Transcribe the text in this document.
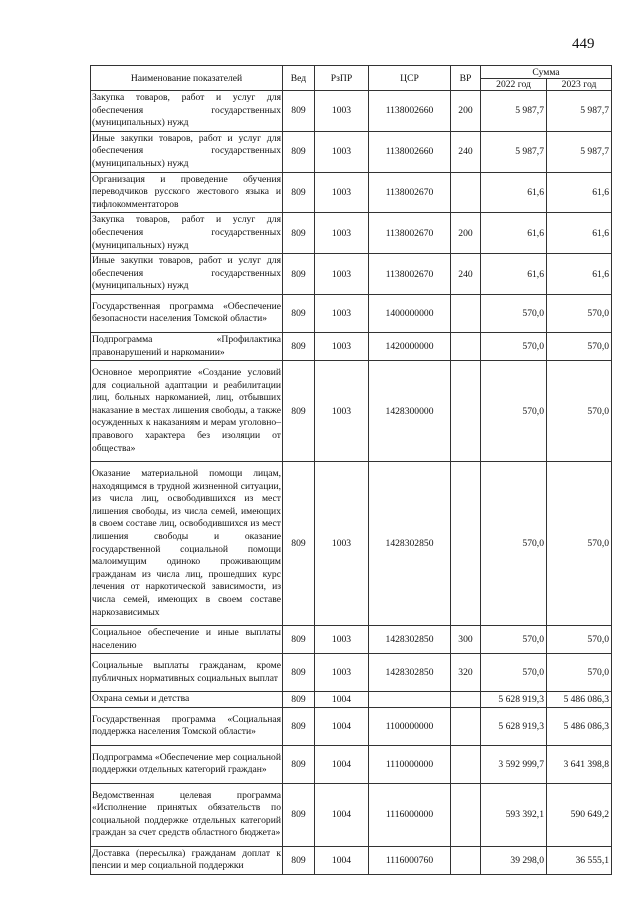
449
Наименование показателей	Вед	РзПР	ЦСР	ВР	Сумма	
					2022 год	2023 год
Закупка товаров, работ и услуг для обеспечения государственных (муниципальных) нужд	809	1003	1138002660	200	5 987,7	5 987,7
Иные закупки товаров, работ и услуг для обеспечения государственных (муниципальных) нужд	809	1003	1138002660	240	5 987,7	5 987,7
Организация и проведение обучения переводчиков русского жестового языка и тифлокомментаторов	809	1003	1138002670		61,6	61,6
Закупка товаров, работ и услуг для обеспечения государственных (муниципальных) нужд	809	1003	1138002670	200	61,6	61,6
Иные закупки товаров, работ и услуг для обеспечения государственных (муниципальных) нужд	809	1003	1138002670	240	61,6	61,6
Государственная программа «Обеспечение безопасности населения Томской области»	809	1003	1400000000		570,0	570,0
Подпрограмма «Профилактика правонарушений и наркомании»	809	1003	1420000000		570,0	570,0
Основное мероприятие «Создание условий для социальной адаптации и реабилитации лиц, больных наркоманией, лиц, отбывших наказание в местах лишения свободы, а также осужденных к наказаниям и мерам уголовно–правового характера без изоляции от общества»	809	1003	1428300000		570,0	570,0
Оказание материальной помощи лицам, находящимся в трудной жизненной ситуации, из числа лиц, освободившихся из мест лишения свободы, из числа семей, имеющих в своем составе лиц, освободившихся из мест лишения свободы и оказание государственной социальной помощи малоимущим одиноко проживающим гражданам из числа лиц, прошедших курс лечения от наркотической зависимости, из числа семей, имеющих в своем составе наркозависимых	809	1003	1428302850		570,0	570,0
Социальное обеспечение и иные выплаты населению	809	1003	1428302850	300	570,0	570,0
Социальные выплаты гражданам, кроме публичных нормативных социальных выплат	809	1003	1428302850	320	570,0	570,0
Охрана семьи и детства	809	1004			5 628 919,3	5 486 086,3
Государственная программа «Социальная поддержка населения Томской области»	809	1004	1100000000		5 628 919,3	5 486 086,3
Подпрограмма «Обеспечение мер социальной поддержки отдельных категорий граждан»	809	1004	1110000000		3 592 999,7	3 641 398,8
Ведомственная целевая программа «Исполнение принятых обязательств по социальной поддержке отдельных категорий граждан за счет средств областного бюджета»	809	1004	1116000000		593 392,1	590 649,2
Доставка (пересылка) гражданам доплат к пенсии и мер социальной поддержки	809	1004	1116000760		39 298,0	36 555,1
